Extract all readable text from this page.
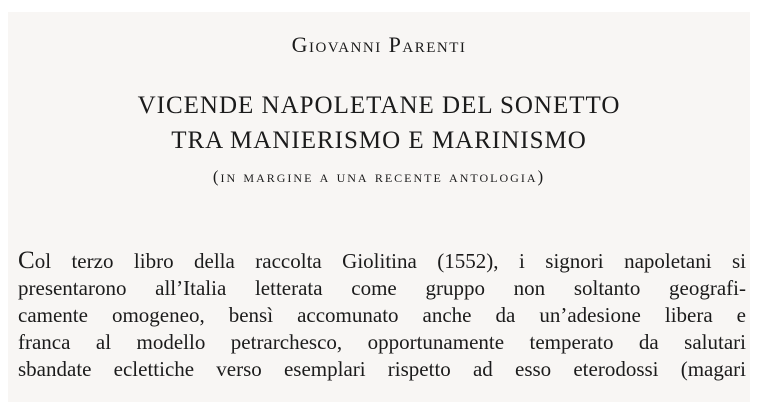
Giovanni Parenti
VICENDE NAPOLETANE DEL SONETTO
TRA MANIERISMO E MARINISMO
(in margine a una recente antologia)
Col terzo libro della raccolta Giolitina (1552), i signori napoletani si
presentarono all’Italia letterata come gruppo non soltanto geografi-
camente omogeneo, bensì accomunato anche da un’adesione libera e
franca al modello petrarchesco, opportunamente temperato da salutari
sbandate eclettiche verso esemplari rispetto ad esso eterodossi (magari
